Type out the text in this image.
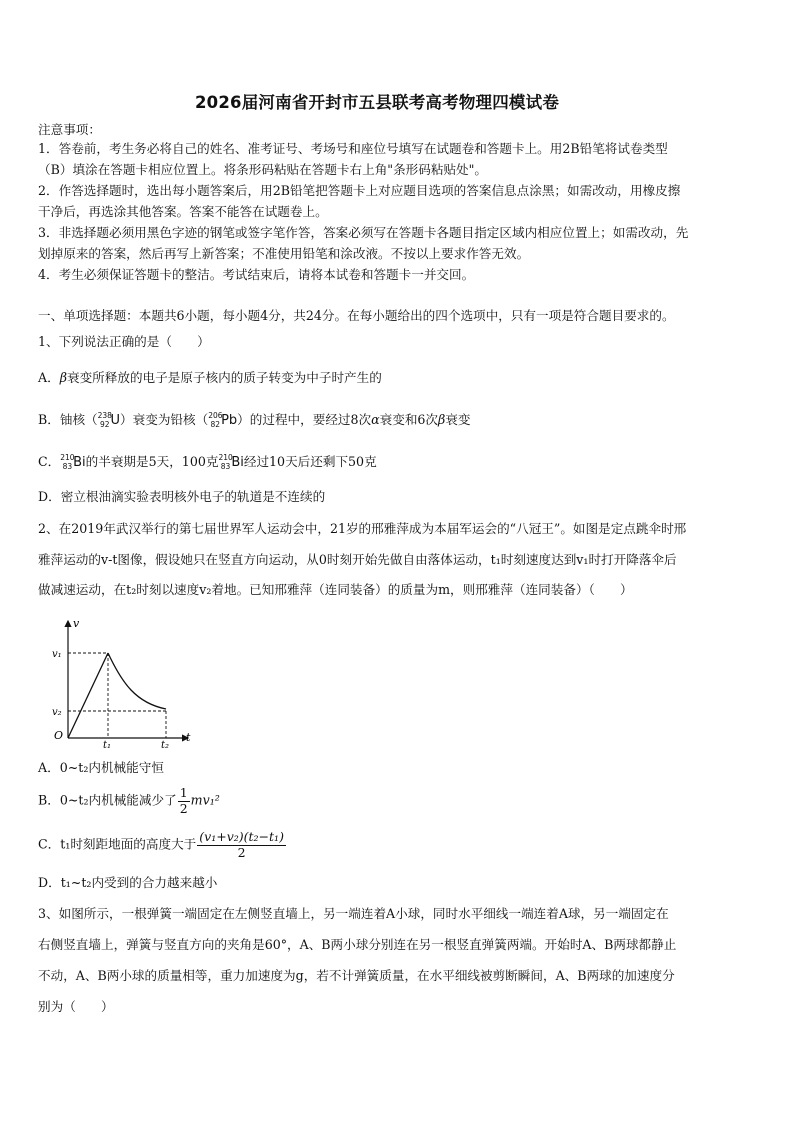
2026届河南省开封市五县联考高考物理四模试卷
注意事项：
1．答卷前，考生务必将自己的姓名、准考证号、考场号和座位号填写在试题卷和答题卡上。用2B铅笔将试卷类型
（B）填涂在答题卡相应位置上。将条形码粘贴在答题卡右上角"条形码粘贴处"。
2．作答选择题时，选出每小题答案后，用2B铅笔把答题卡上对应题目选项的答案信息点涂黑；如需改动，用橡皮擦
干净后，再选涂其他答案。答案不能答在试题卷上。
3．非选择题必须用黑色字迹的钢笔或签字笔作答，答案必须写在答题卡各题目指定区域内相应位置上；如需改动，先
划掉原来的答案，然后再写上新答案；不准使用铅笔和涂改液。不按以上要求作答无效。
4．考生必须保证答题卡的整洁。考试结束后，请将本试卷和答题卡一并交回。
一、单项选择题：本题共6小题，每小题4分，共24分。在每小题给出的四个选项中，只有一项是符合题目要求的。
1、下列说法正确的是（　　）
A．β衰变所释放的电子是原子核内的质子转变为中子时产生的
B．铀核（$^{238}_{92}$U）衰变为铅核（$^{206}_{82}$Pb）的过程中，要经过8次α衰变和6次β衰变
C．$^{210}_{83}$Bi的半衰期是5天，100克$^{210}_{83}$Bi经过10天后还剩下50克
D．密立根油滴实验表明核外电子的轨道是不连续的
2、在2019年武汉举行的第七届世界军人运动会中，21岁的邢雅萍成为本届军运会的“八冠王”。如图是定点跳伞时邢
雅萍运动的v-t图像，假设她只在竖直方向运动，从0时刻开始先做自由落体运动，t₁时刻速度达到v₁时打开降落伞后
做减速运动，在t₂时刻以速度v₂着地。已知邢雅萍（连同装备）的质量为m，则邢雅萍（连同装备）（　　）
v
t
O
v₁
v₂
t₁	t₂
A．0~t₂内机械能守恒
B．0~t₂内机械能减少了 $\frac{1}{2} mv_1^2$
C．t₁时刻距地面的高度大于 $\frac{\text{(v₁+v₂)(t₂−t₁)}}{2}$
D．t₁~t₂内受到的合力越来越小
3、如图所示，一根弹簧一端固定在左侧竖直墙上，另一端连着A小球，同时水平细线一端连着A球，另一端固定在
右侧竖直墙上，弹簧与竖直方向的夹角是60°，A、B两小球分别连在另一根竖直弹簧两端。开始时A、B两球都静止
不动，A、B两小球的质量相等，重力加速度为g，若不计弹簧质量，在水平细线被剪断瞬间，A、B两球的加速度分
别为（　　）
